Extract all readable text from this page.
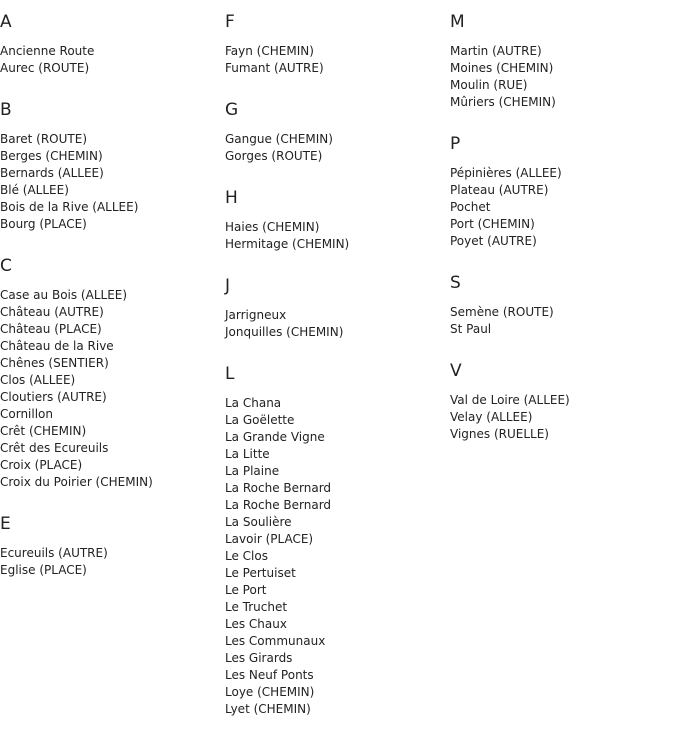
A
Ancienne Route
Aurec (ROUTE)
B
Baret (ROUTE)
Berges (CHEMIN)
Bernards (ALLEE)
Blé (ALLEE)
Bois de la Rive (ALLEE)
Bourg (PLACE)
C
Case au Bois (ALLEE)
Château (AUTRE)
Château (PLACE)
Château de la Rive
Chênes (SENTIER)
Clos (ALLEE)
Cloutiers (AUTRE)
Cornillon
Crêt (CHEMIN)
Crêt des Ecureuils
Croix (PLACE)
Croix du Poirier (CHEMIN)
E
Ecureuils (AUTRE)
Eglise (PLACE)
F
Fayn (CHEMIN)
Fumant (AUTRE)
G
Gangue (CHEMIN)
Gorges (ROUTE)
H
Haies (CHEMIN)
Hermitage (CHEMIN)
J
Jarrigneux
Jonquilles (CHEMIN)
L
La Chana
La Goëlette
La Grande Vigne
La Litte
La Plaine
La Roche Bernard
La Roche Bernard
La Soulière
Lavoir (PLACE)
Le Clos
Le Pertuiset
Le Port
Le Truchet
Les Chaux
Les Communaux
Les Girards
Les Neuf Ponts
Loye (CHEMIN)
Lyet (CHEMIN)
M
Martin (AUTRE)
Moines (CHEMIN)
Moulin (RUE)
Mûriers (CHEMIN)
P
Pépinières (ALLEE)
Plateau (AUTRE)
Pochet
Port (CHEMIN)
Poyet (AUTRE)
S
Semène (ROUTE)
St Paul
V
Val de Loire (ALLEE)
Velay (ALLEE)
Vignes (RUELLE)
